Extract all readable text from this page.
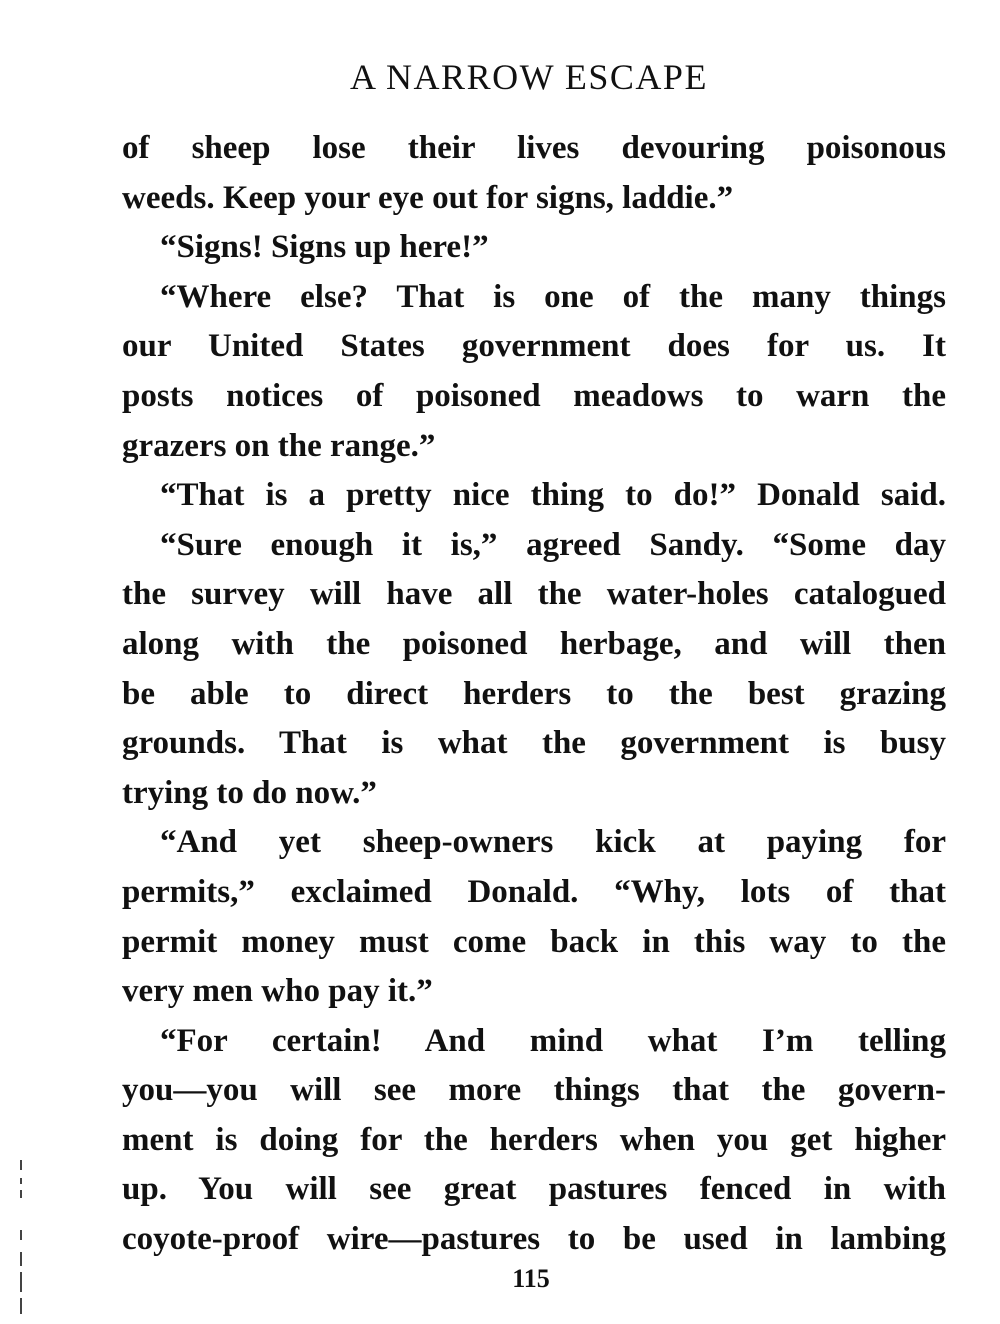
A NARROW ESCAPE
of sheep lose their lives devouring poisonous
weeds. Keep your eye out for signs, laddie.”
“Signs! Signs up here!”
“Where else? That is one of the many things
our United States government does for us. It
posts notices of poisoned meadows to warn the
grazers on the range.”
“That is a pretty nice thing to do!” Donald said.
“Sure enough it is,” agreed Sandy. “Some day
the survey will have all the water-holes catalogued
along with the poisoned herbage, and will then
be able to direct herders to the best grazing
grounds. That is what the government is busy
trying to do now.”
“And yet sheep-owners kick at paying for
permits,” exclaimed Donald. “Why, lots of that
permit money must come back in this way to the
very men who pay it.”
“For certain! And mind what I’m telling
you—you will see more things that the govern-
ment is doing for the herders when you get higher
up. You will see great pastures fenced in with
coyote-proof wire—pastures to be used in lambing
115
